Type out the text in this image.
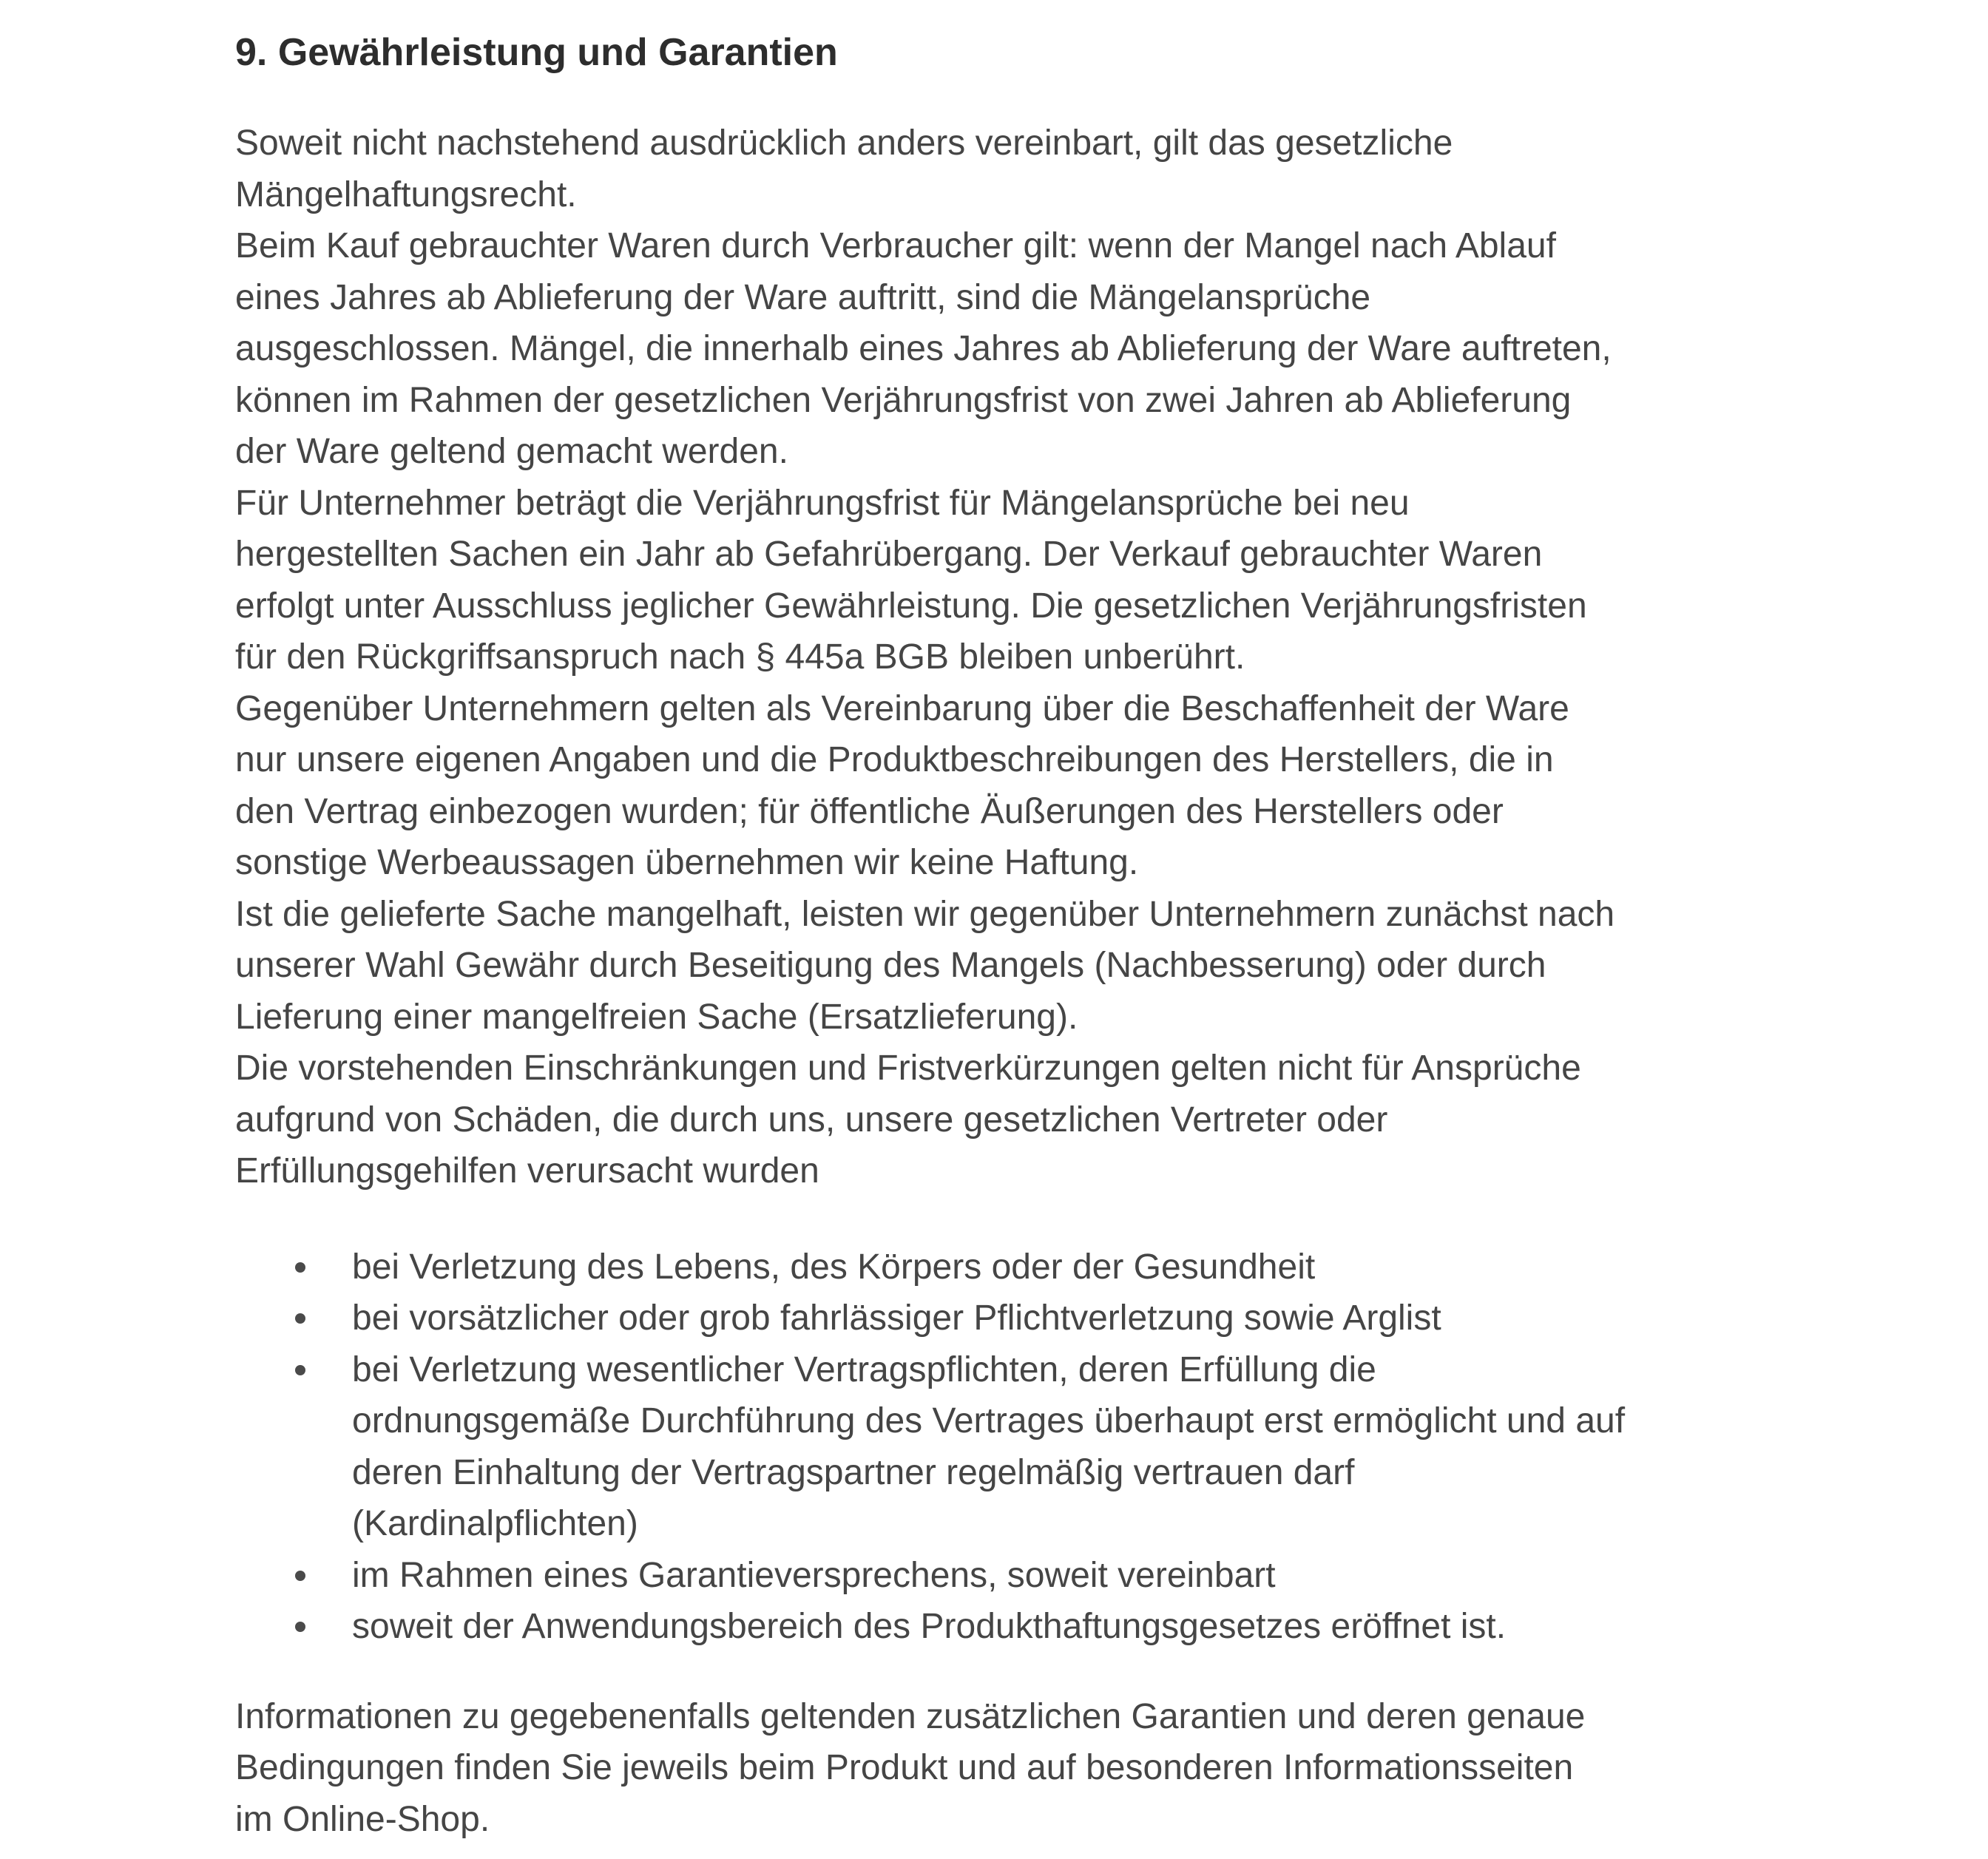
9. Gewährleistung und Garantien
Soweit nicht nachstehend ausdrücklich anders vereinbart, gilt das gesetzliche
Mängelhaftungsrecht.
Beim Kauf gebrauchter Waren durch Verbraucher gilt: wenn der Mangel nach Ablauf
eines Jahres ab Ablieferung der Ware auftritt, sind die Mängelansprüche
ausgeschlossen. Mängel, die innerhalb eines Jahres ab Ablieferung der Ware auftreten,
können im Rahmen der gesetzlichen Verjährungsfrist von zwei Jahren ab Ablieferung
der Ware geltend gemacht werden.
Für Unternehmer beträgt die Verjährungsfrist für Mängelansprüche bei neu
hergestellten Sachen ein Jahr ab Gefahrübergang. Der Verkauf gebrauchter Waren
erfolgt unter Ausschluss jeglicher Gewährleistung. Die gesetzlichen Verjährungsfristen
für den Rückgriffsanspruch nach § 445a BGB bleiben unberührt.
Gegenüber Unternehmern gelten als Vereinbarung über die Beschaffenheit der Ware
nur unsere eigenen Angaben und die Produktbeschreibungen des Herstellers, die in
den Vertrag einbezogen wurden; für öffentliche Äußerungen des Herstellers oder
sonstige Werbeaussagen übernehmen wir keine Haftung.
Ist die gelieferte Sache mangelhaft, leisten wir gegenüber Unternehmern zunächst nach
unserer Wahl Gewähr durch Beseitigung des Mangels (Nachbesserung) oder durch
Lieferung einer mangelfreien Sache (Ersatzlieferung).
Die vorstehenden Einschränkungen und Fristverkürzungen gelten nicht für Ansprüche
aufgrund von Schäden, die durch uns, unsere gesetzlichen Vertreter oder
Erfüllungsgehilfen verursacht wurden
bei Verletzung des Lebens, des Körpers oder der Gesundheit
bei vorsätzlicher oder grob fahrlässiger Pflichtverletzung sowie Arglist
bei Verletzung wesentlicher Vertragspflichten, deren Erfüllung die
ordnungsgemäße Durchführung des Vertrages überhaupt erst ermöglicht und auf
deren Einhaltung der Vertragspartner regelmäßig vertrauen darf
(Kardinalpflichten)
im Rahmen eines Garantieversprechens, soweit vereinbart
soweit der Anwendungsbereich des Produkthaftungsgesetzes eröffnet ist.
Informationen zu gegebenenfalls geltenden zusätzlichen Garantien und deren genaue
Bedingungen finden Sie jeweils beim Produkt und auf besonderen Informationsseiten
im Online-Shop.
